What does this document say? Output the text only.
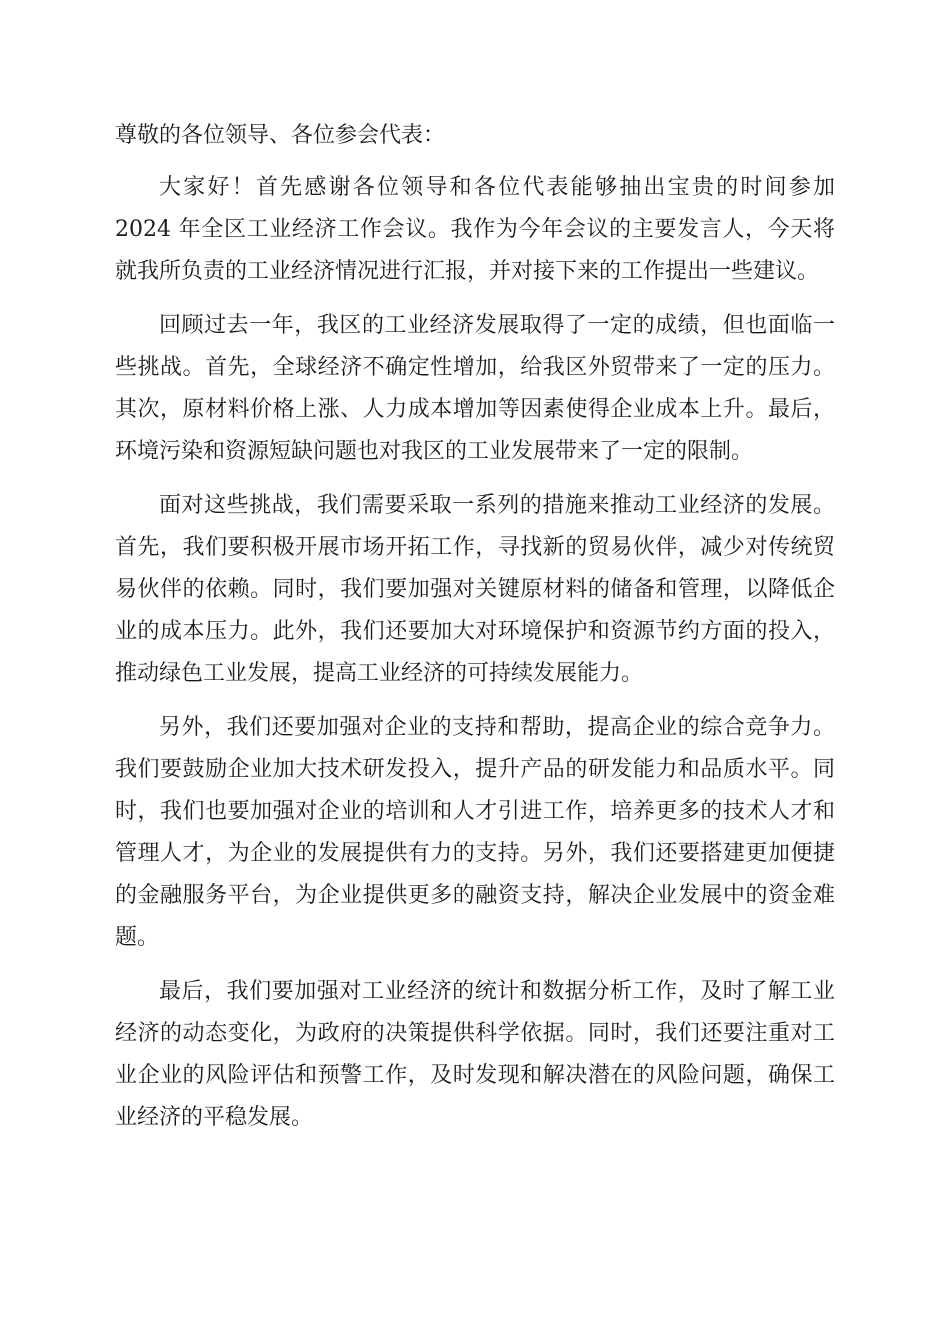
尊敬的各位领导、各位参会代表：
大家好！首先感谢各位领导和各位代表能够抽出宝贵的时间参加
2024 年全区工业经济工作会议。我作为今年会议的主要发言人，今天将
就我所负责的工业经济情况进行汇报，并对接下来的工作提出一些建议。
回顾过去一年，我区的工业经济发展取得了一定的成绩，但也面临一
些挑战。首先，全球经济不确定性增加，给我区外贸带来了一定的压力。
其次，原材料价格上涨、人力成本增加等因素使得企业成本上升。最后，
环境污染和资源短缺问题也对我区的工业发展带来了一定的限制。
面对这些挑战，我们需要采取一系列的措施来推动工业经济的发展。
首先，我们要积极开展市场开拓工作，寻找新的贸易伙伴，减少对传统贸
易伙伴的依赖。同时，我们要加强对关键原材料的储备和管理，以降低企
业的成本压力。此外，我们还要加大对环境保护和资源节约方面的投入，
推动绿色工业发展，提高工业经济的可持续发展能力。
另外，我们还要加强对企业的支持和帮助，提高企业的综合竞争力。
我们要鼓励企业加大技术研发投入，提升产品的研发能力和品质水平。同
时，我们也要加强对企业的培训和人才引进工作，培养更多的技术人才和
管理人才，为企业的发展提供有力的支持。另外，我们还要搭建更加便捷
的金融服务平台，为企业提供更多的融资支持，解决企业发展中的资金难
题。
最后，我们要加强对工业经济的统计和数据分析工作，及时了解工业
经济的动态变化，为政府的决策提供科学依据。同时，我们还要注重对工
业企业的风险评估和预警工作，及时发现和解决潜在的风险问题，确保工
业经济的平稳发展。
